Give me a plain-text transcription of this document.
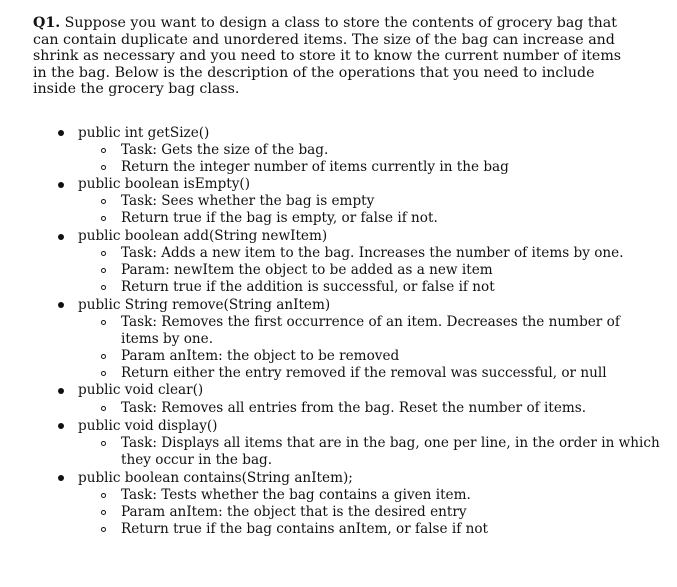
Q1. Suppose you want to design a class to store the contents of grocery bag that can contain duplicate and unordered items. The size of the bag can increase and shrink as necessary and you need to store it to know the current number of items in the bag. Below is the description of the operations that you need to include inside the grocery bag class.

public int getSize()
Task: Gets the size of the bag.
Return the integer number of items currently in the bag
public boolean isEmpty()
Task: Sees whether the bag is empty
Return true if the bag is empty, or false if not.
public boolean add(String newItem)
Task: Adds a new item to the bag. Increases the number of items by one.
Param: newItem the object to be added as a new item
Return true if the addition is successful, or false if not
public String remove(String anItem)
Task: Removes the first occurrence of an item. Decreases the number of
items by one.
Param anItem: the object to be removed
Return either the entry removed if the removal was successful, or null
public void clear()
Task: Removes all entries from the bag. Reset the number of items.
public void display()
Task: Displays all items that are in the bag, one per line, in the order in which
they occur in the bag.
public boolean contains(String anItem);
Task: Tests whether the bag contains a given item.
Param anItem: the object that is the desired entry
Return true if the bag contains anItem, or false if not
